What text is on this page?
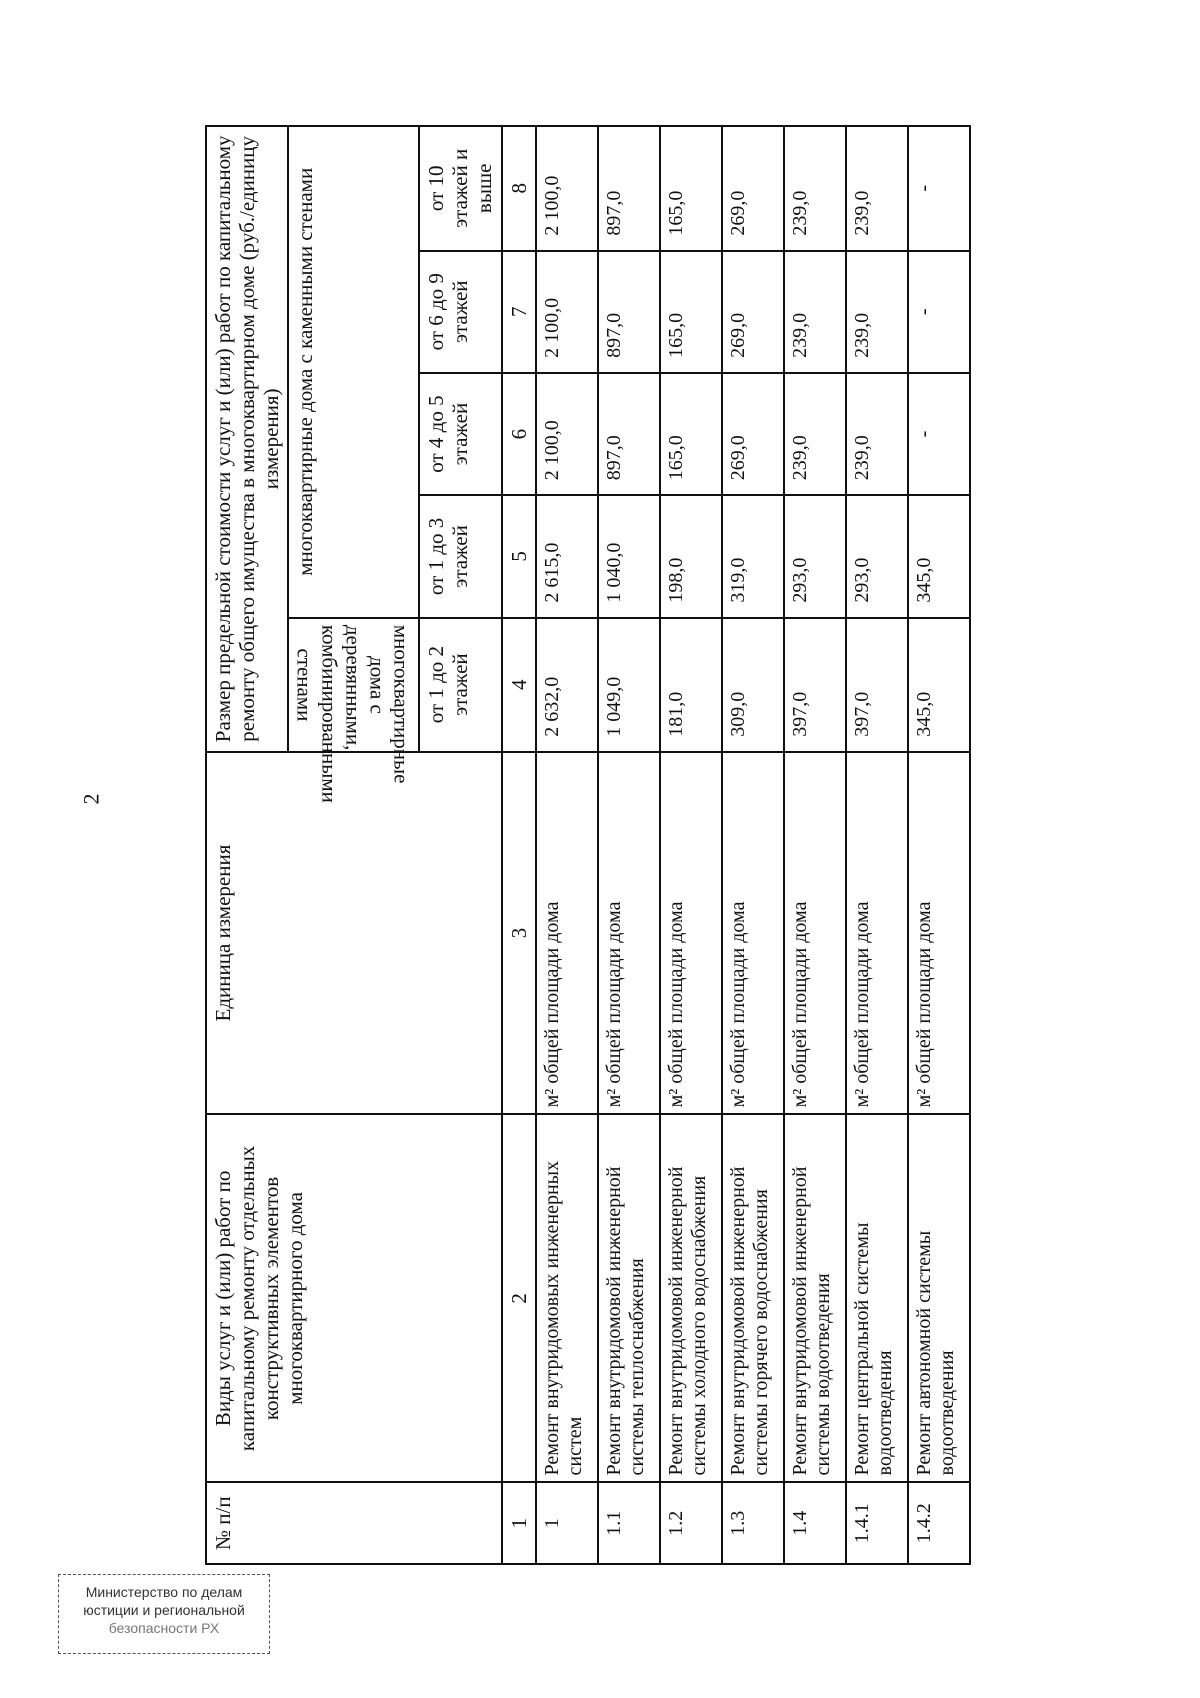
2
Министерство по делам
юстиции и региональной
безопасности РХ
№ п/п	Виды услуг и (или) работ по капитальному ремонту отдельных конструктивных элементов многоквартирного дома	Единица измерения	Размер предельной стоимости услуг и (или) работ по капитальному ремонту общего имущества в многоквартирном доме (руб./единицу измерения)				

			многоквартирные дома с деревянными, комбинированными стенами	многоквартирные дома с каменными стенами			
			от 1 до 2 этажей	от 1 до 3 этажей	от 4 до 5 этажей	от 6 до 9 этажей	от 10 этажей и выше
1	2	3	4	5	6	7	8
1	Ремонт внутридомовых инженерных систем	м² общей площади дома	2 632,0	2 615,0	2 100,0	2 100,0	2 100,0
1.1	Ремонт внутридомовой инженерной системы теплоснабжения	м² общей площади дома	1 049,0	1 040,0	897,0	897,0	897,0
1.2	Ремонт внутридомовой инженерной системы холодного водоснабжения	м² общей площади дома	181,0	198,0	165,0	165,0	165,0
1.3	Ремонт внутридомовой инженерной системы горячего водоснабжения	м² общей площади дома	309,0	319,0	269,0	269,0	269,0
1.4	Ремонт внутридомовой инженерной системы водоотведения	м² общей площади дома	397,0	293,0	239,0	239,0	239,0
1.4.1	Ремонт центральной системы водоотведения	м² общей площади дома	397,0	293,0	239,0	239,0	239,0
1.4.2	Ремонт автономной системы водоотведения	м² общей площади дома	345,0	345,0	-	-	-
